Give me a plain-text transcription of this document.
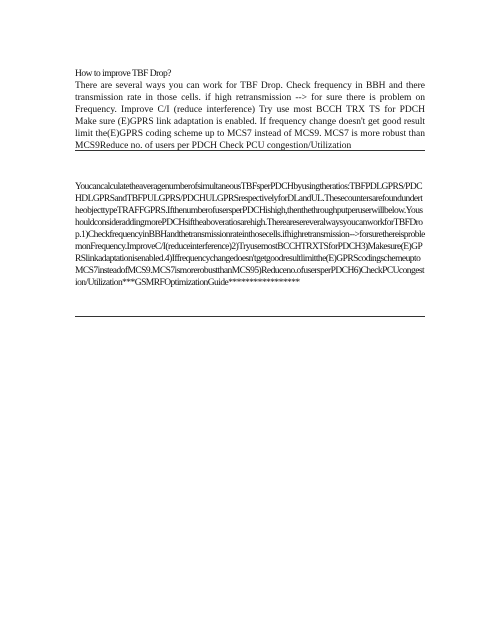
How to improve TBF Drop?
There are several ways you can work for TBF Drop. Check frequency in BBH and there transmission rate in those cells. if high retransmission --> for sure there is problem on Frequency. Improve C/I (reduce interference) Try use most BCCH TRX TS for PDCH Make sure (E)GPRS link adaptation is enabled. If frequency change doesn't get good result limit the(E)GPRS coding scheme up to MCS7 instead of MCS9. MCS7 is more robust than MCS9Reduce no. of users per PDCH Check PCU congestion/Utilization
YoucancalculatetheaveragenumberofsimultaneousTBFsperPDCHbyusingtheratios:TBFPDLGPRS/PDCHDLGPRSandTBFPULGPRS/PDCHULGPRSrespectivelyforDLandUL.ThesecountersarefoundundertheobjecttypeTRAFFGPRS.IfthenumberofusersperPDCHishigh,thenthethroughputperuserwillbelow.YoushouldconsideraddingmorePDCHsiftheaboveratiosarehigh.TherearesereveralwaysyoucanworkforTBFDrop.1)CheckfrequencyinBBHandthetransmissionrateinthosecells.ifhighretransmission-->forsurethereisproblemonFrequency.ImproveC/I(reduceinterference)2)TryusemostBCCHTRXTSforPDCH3)Makesure(E)GPRSlinkadaptationisenabled.4)Iffrequencychangedoesn'tgetgoodresultlimitthe(E)GPRScodingschemeuptoMCS7insteadofMCS9.MCS7ismorerobustthanMCS95)Reduceno.ofusersperPDCH6)CheckPCUcongestion/Utilization***GSMRFOptimizationGuide*****************
